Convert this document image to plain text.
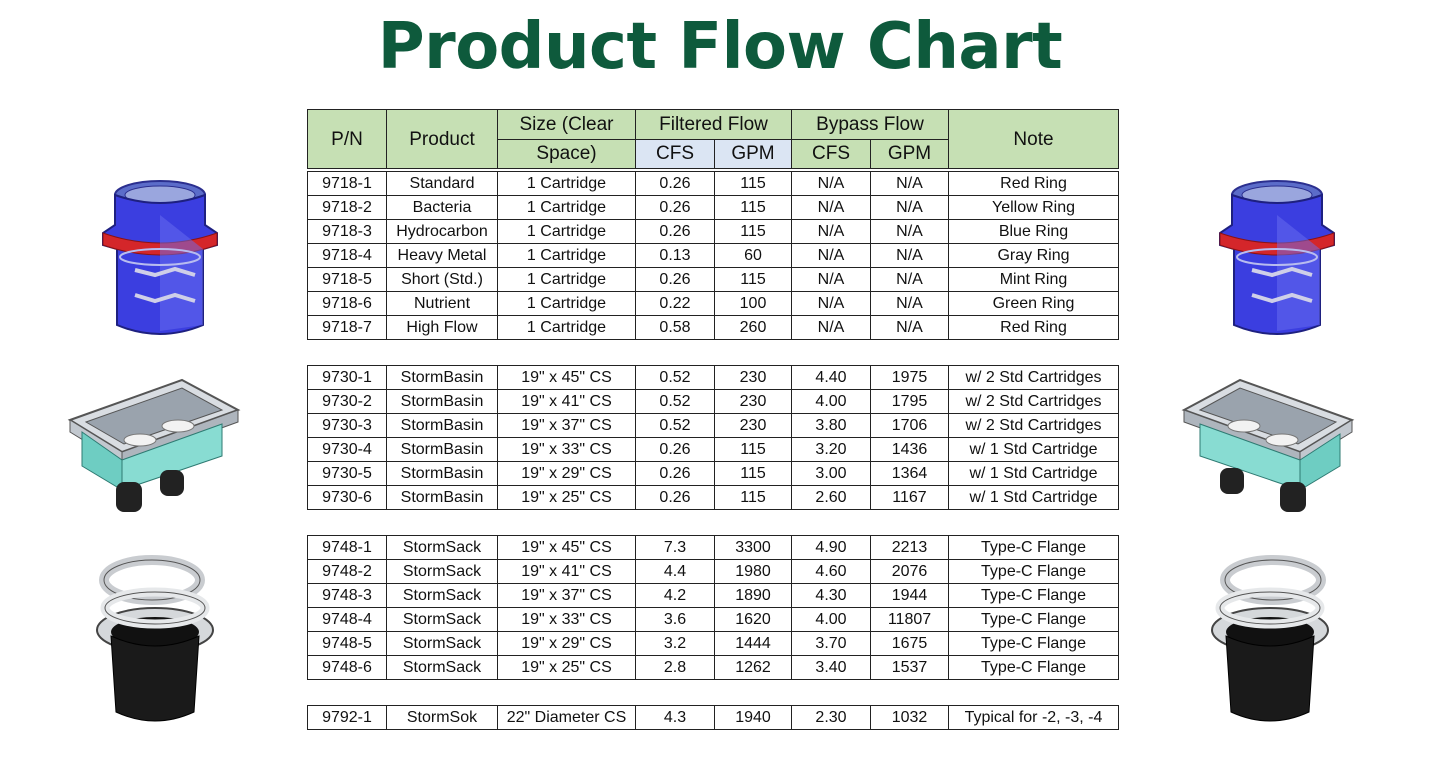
Product Flow Chart
P/N	Product	Size (Clear	Filtered Flow		Bypass Flow		Note
		Space)	CFS	GPM	CFS	GPM	
9718-1	Standard	1 Cartridge	0.26	115	N/A	N/A	Red Ring
9718-2	Bacteria	1 Cartridge	0.26	115	N/A	N/A	Yellow Ring
9718-3	Hydrocarbon	1 Cartridge	0.26	115	N/A	N/A	Blue Ring
9718-4	Heavy Metal	1 Cartridge	0.13	60	N/A	N/A	Gray Ring
9718-5	Short (Std.)	1 Cartridge	0.26	115	N/A	N/A	Mint Ring
9718-6	Nutrient	1 Cartridge	0.22	100	N/A	N/A	Green Ring
9718-7	High Flow	1 Cartridge	0.58	260	N/A	N/A	Red Ring
9730-1	StormBasin	19" x 45" CS	0.52	230	4.40	1975	w/ 2 Std Cartridges
9730-2	StormBasin	19" x 41" CS	0.52	230	4.00	1795	w/ 2 Std Cartridges
9730-3	StormBasin	19" x 37" CS	0.52	230	3.80	1706	w/ 2 Std Cartridges
9730-4	StormBasin	19" x 33" CS	0.26	115	3.20	1436	w/ 1 Std Cartridge
9730-5	StormBasin	19" x 29" CS	0.26	115	3.00	1364	w/ 1 Std Cartridge
9730-6	StormBasin	19" x 25" CS	0.26	115	2.60	1167	w/ 1 Std Cartridge
9748-1	StormSack	19" x 45" CS	7.3	3300	4.90	2213	Type-C Flange
9748-2	StormSack	19" x 41" CS	4.4	1980	4.60	2076	Type-C Flange
9748-3	StormSack	19" x 37" CS	4.2	1890	4.30	1944	Type-C Flange
9748-4	StormSack	19" x 33" CS	3.6	1620	4.00	11807	Type-C Flange
9748-5	StormSack	19" x 29" CS	3.2	1444	3.70	1675	Type-C Flange
9748-6	StormSack	19" x 25" CS	2.8	1262	3.40	1537	Type-C Flange
9792-1	StormSok	22" Diameter CS	4.3	1940	2.30	1032	Typical for -2, -3, -4
